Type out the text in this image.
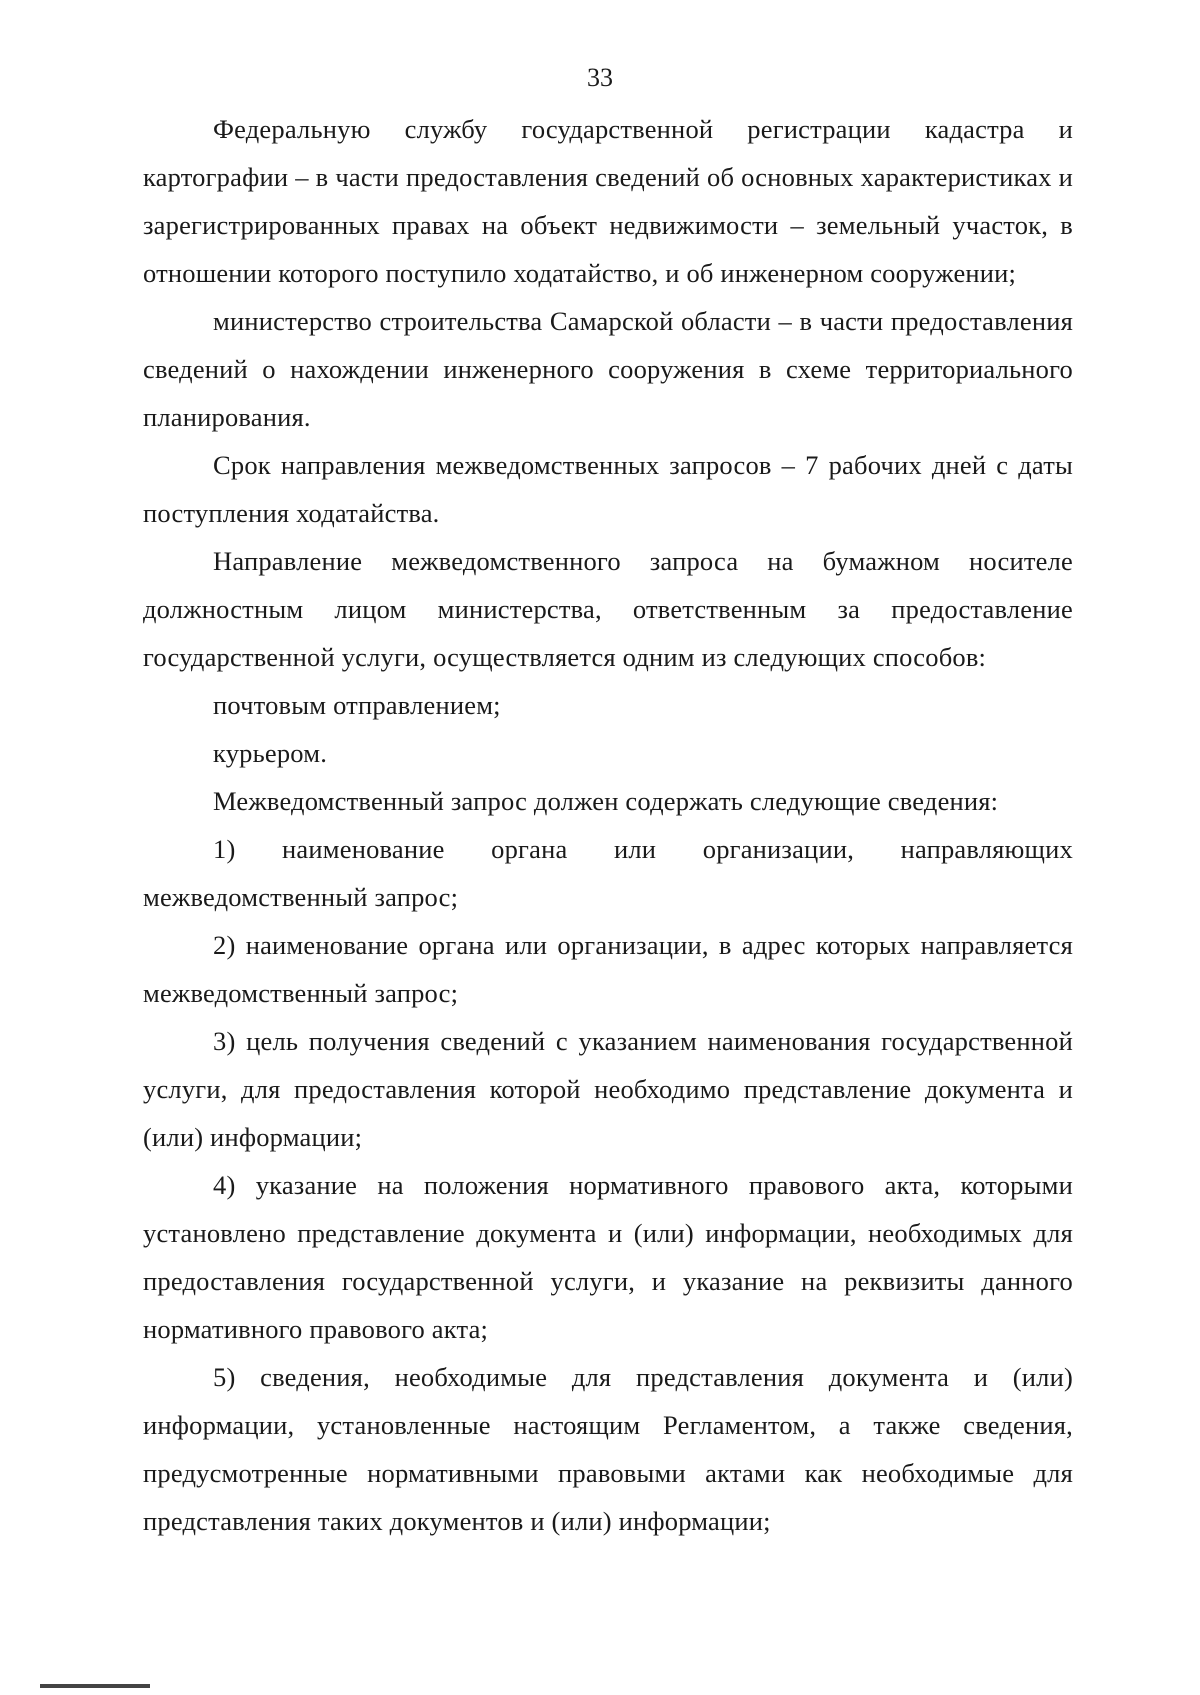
33

Федеральную службу государственной регистрации кадастра и картографии – в части предоставления сведений об основных характеристиках и зарегистрированных правах на объект недвижимости – земельный участок, в отношении которого поступило ходатайство, и об инженерном сооружении;

министерство строительства Самарской области – в части предоставления сведений о нахождении инженерного сооружения в схеме территориального планирования.

Срок направления межведомственных запросов – 7 рабочих дней с даты поступления ходатайства.

Направление межведомственного запроса на бумажном носителе должностным лицом министерства, ответственным за предоставление государственной услуги, осуществляется одним из следующих способов:

почтовым отправлением;

курьером.

Межведомственный запрос должен содержать следующие сведения:

1) наименование органа или организации, направляющих межведомственный запрос;

2) наименование органа или организации, в адрес которых направляется межведомственный запрос;

3) цель получения сведений с указанием наименования государственной услуги, для предоставления которой необходимо представление документа и (или) информации;

4) указание на положения нормативного правового акта, которыми установлено представление документа и (или) информации, необходимых для предоставления государственной услуги, и указание на реквизиты данного нормативного правового акта;

5) сведения, необходимые для представления документа и (или) информации, установленные настоящим Регламентом, а также сведения, предусмотренные нормативными правовыми актами как необходимые для представления таких документов и (или) информации;
